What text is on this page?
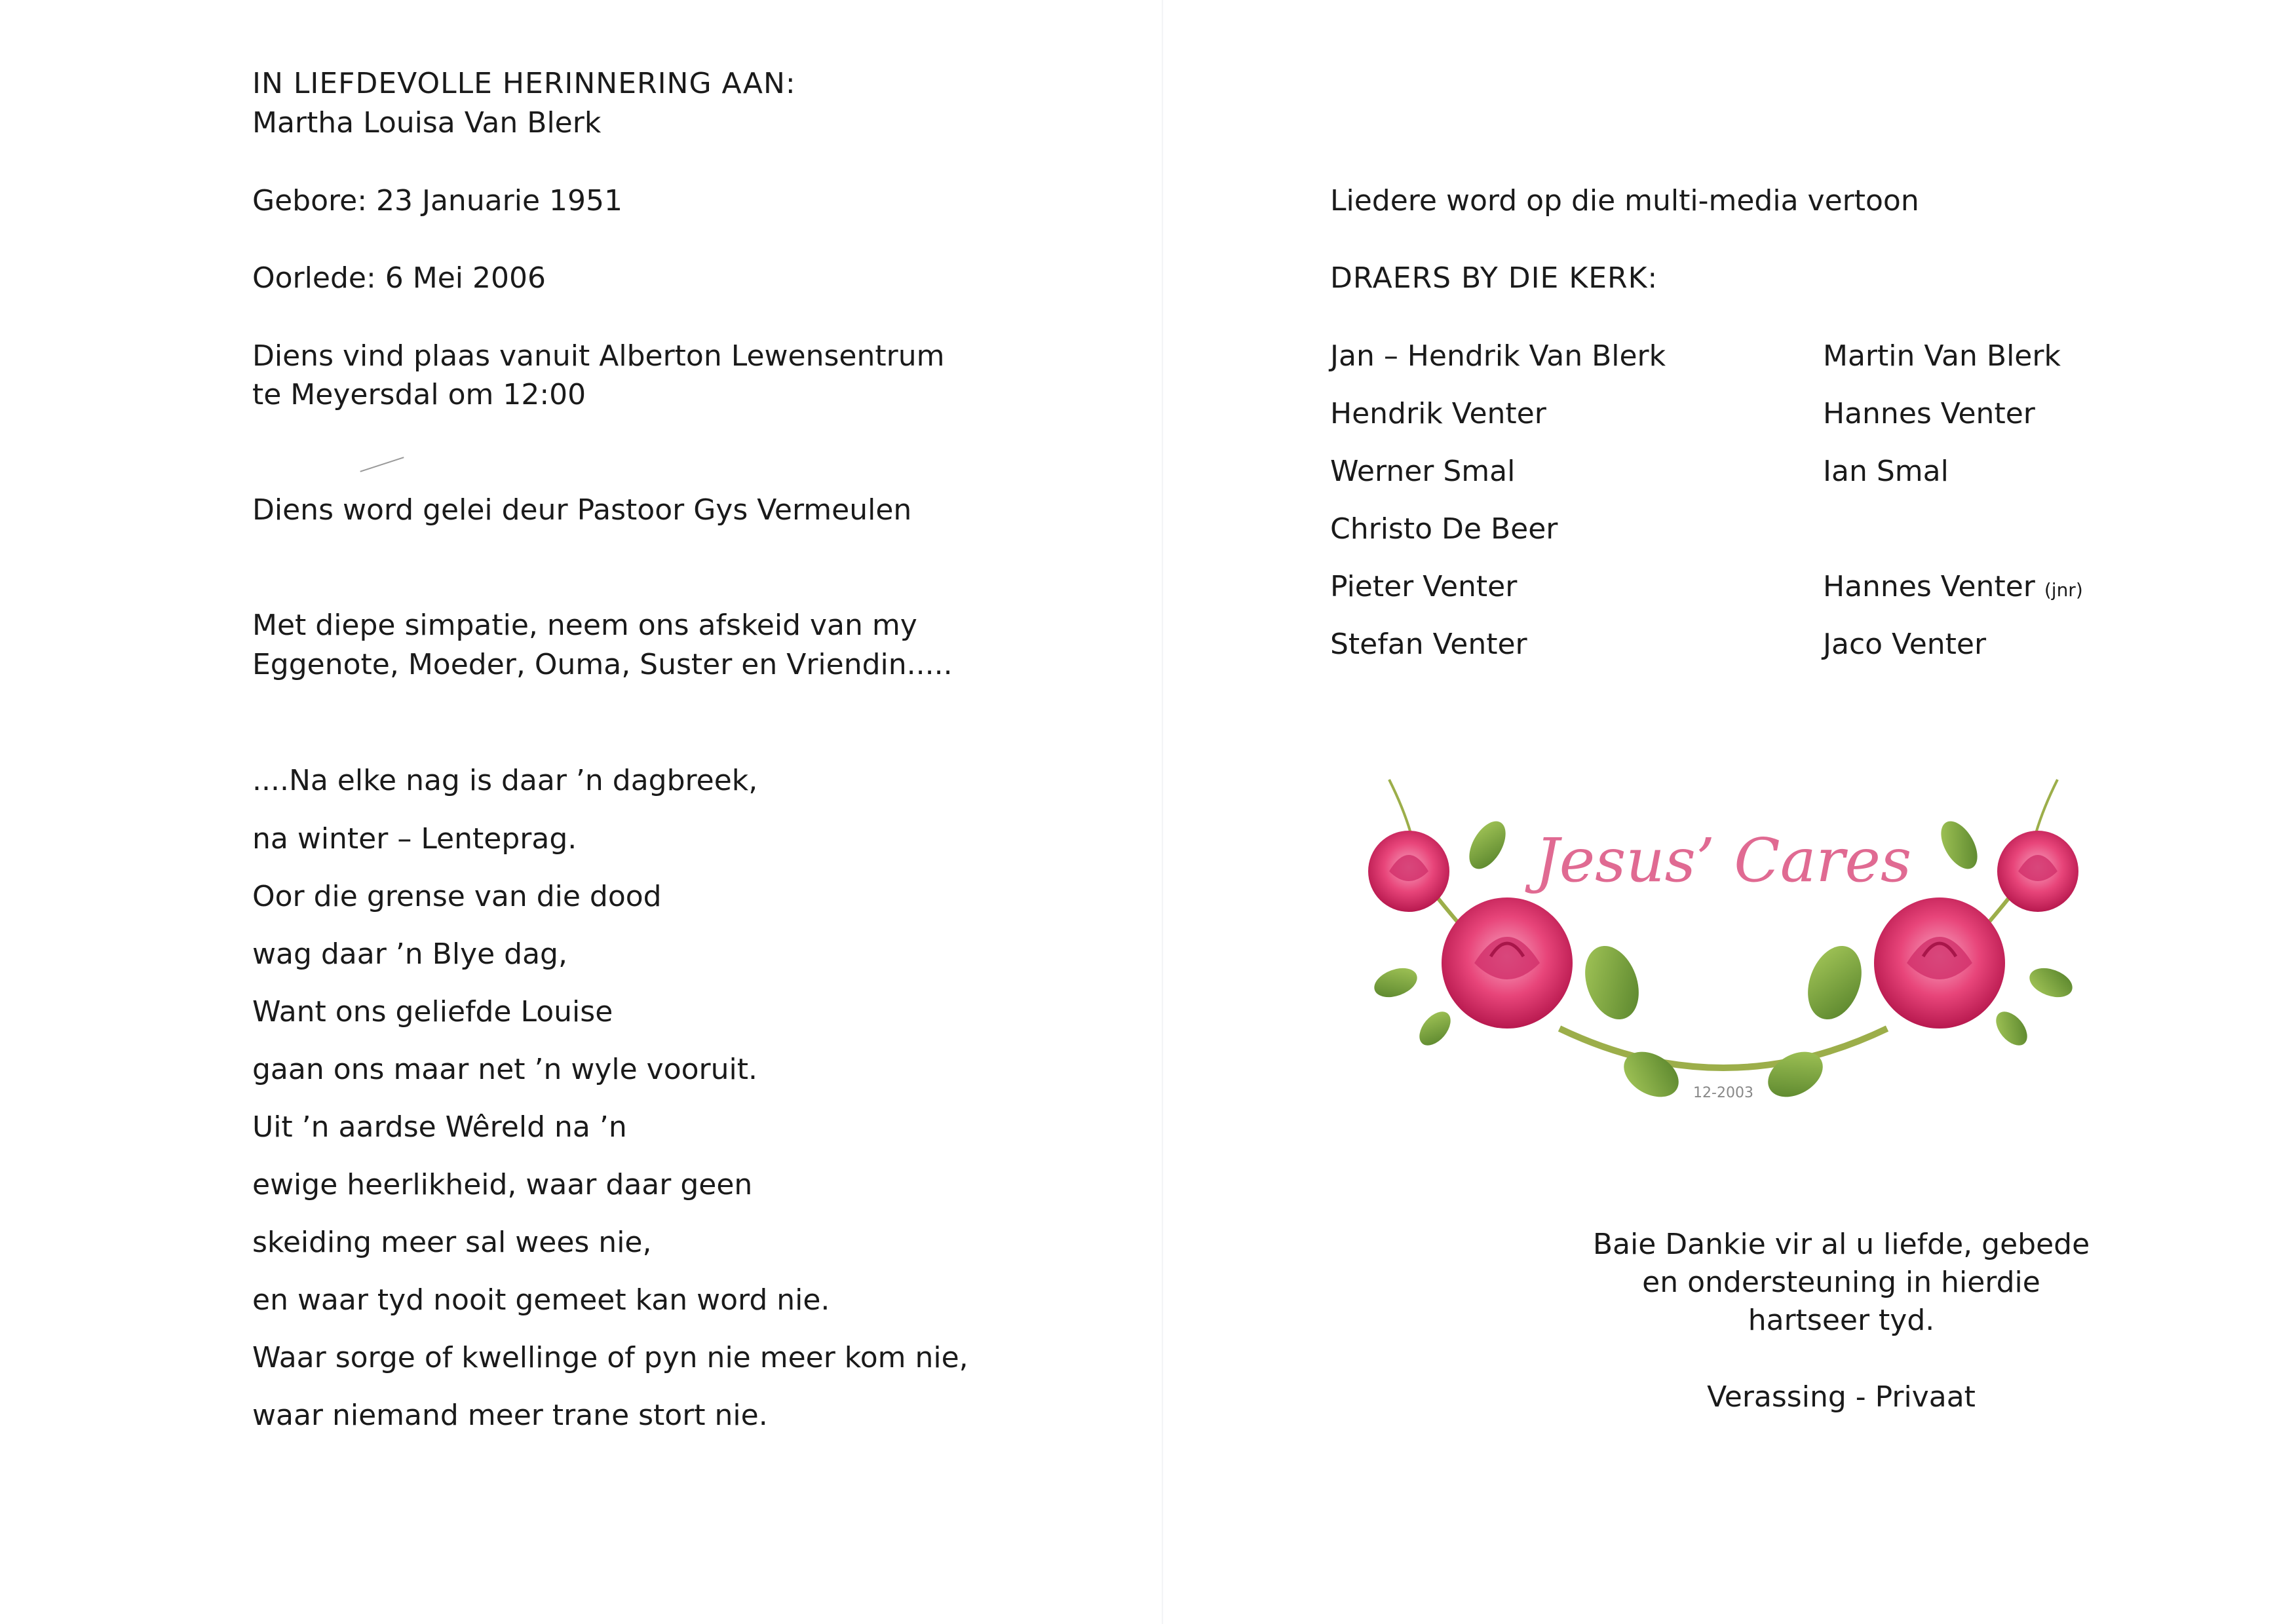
IN LIEFDEVOLLE HERINNERING AAN:
Martha Louisa Van Blerk
Gebore: 23 Januarie 1951
Oorlede: 6 Mei 2006
Diens vind plaas vanuit Alberton Lewensentrum
te Meyersdal om 12:00
Diens word gelei deur Pastoor Gys Vermeulen
Met diepe simpatie, neem ons afskeid van my
Eggenote, Moeder, Ouma, Suster en Vriendin.....
....Na elke nag is daar ’n dagbreek,
na winter – Lenteprag.
Oor die grense van die dood
wag daar ’n Blye dag,
Want ons geliefde Louise
gaan ons maar net ’n wyle vooruit.
Uit ’n aardse Wêreld na ’n
ewige heerlikheid, waar daar geen
skeiding meer sal wees nie,
en waar tyd nooit gemeet kan word nie.
Waar sorge of kwellinge of pyn nie meer kom nie,
waar niemand meer trane stort nie.
Liedere word op die multi-media vertoon
DRAERS BY DIE KERK:
Jan – Hendrik Van Blerk
Hendrik Venter
Werner Smal
Christo De Beer
Pieter Venter
Stefan Venter
Martin Van Blerk
Hannes Venter
Ian Smal
Hannes Venter (jnr)
Jaco Venter
Jesus’ Cares
12-2003
Baie Dankie vir al u liefde, gebede
en ondersteuning in hierdie
hartseer tyd.
Verassing - Privaat
